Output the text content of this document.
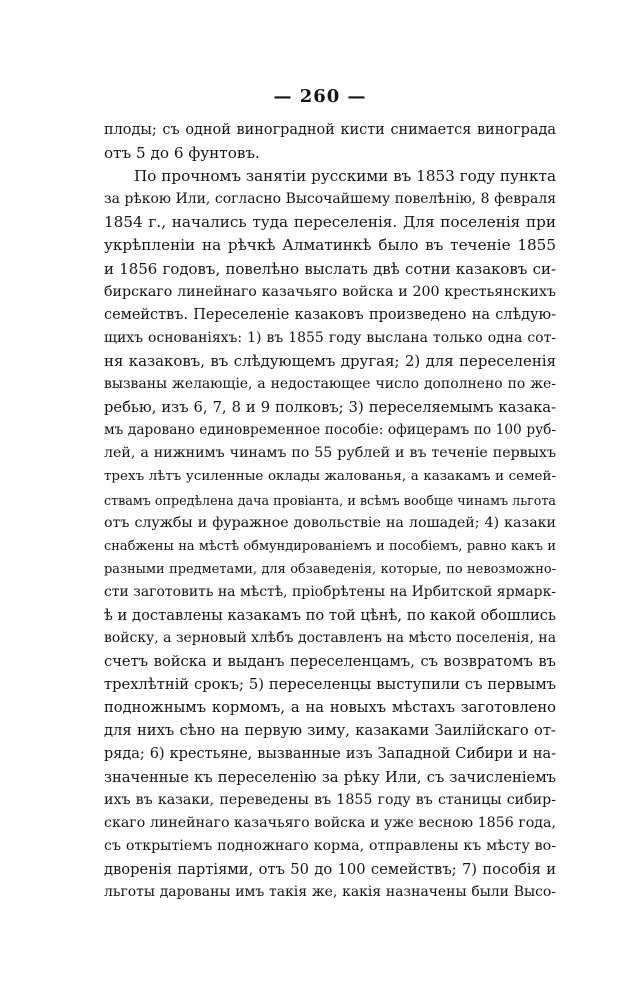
— 260 —
плоды; съ одной виноградной кисти снимается винограда
отъ 5 до 6 фунтовъ.
По прочномъ занятіи русскими въ 1853 году пункта
за рѣкою Или, согласно Высочайшему повелѣнію, 8 февраля
1854 г., начались туда переселенія. Для поселенія при
укрѣпленіи на рѣчкѣ Алматинкѣ было въ теченіе 1855
и 1856 годовъ, повелѣно выслать двѣ сотни казаковъ си-
бирскаго линейнаго казачьяго войска и 200 крестьянскихъ
семействъ. Переселеніе казаковъ произведено на слѣдую-
щихъ основаніяхъ: 1) въ 1855 году выслана только одна сот-
ня казаковъ, въ слѣдующемъ другая; 2) для переселенія
вызваны желающіе, а недостающее число дополнено по же-
ребью, изъ 6, 7, 8 и 9 полковъ; 3) переселяемымъ казака-
мъ даровано единовременное пособіе: офицерамъ по 100 руб-
лей, а нижнимъ чинамъ по 55 рублей и въ теченіе первыхъ
трехъ лѣтъ усиленные оклады жалованья, а казакамъ и семей-
ствамъ опредѣлена дача провіанта, и всѣмъ вообще чинамъ льгота
отъ службы и фуражное довольствіе на лошадей; 4) казаки
снабжены на мѣстѣ обмундированіемъ и пособіемъ, равно какъ и
разными предметами, для обзаведенія, которые, по невозможно-
сти заготовить на мѣстѣ, пріобрѣтены на Ирбитской ярмарк-
ѣ и доставлены казакамъ по той цѣнѣ, по какой обошлись
войску, а зерновый хлѣбъ доставленъ на мѣсто поселенія, на
счетъ войска и выданъ переселенцамъ, съ возвратомъ въ
трехлѣтній срокъ; 5) переселенцы выступили съ первымъ
подножнымъ кормомъ, а на новыхъ мѣстахъ заготовлено
для нихъ сѣно на первую зиму, казаками Заилійскаго от-
ряда; 6) крестьяне, вызванные изъ Западной Сибири и на-
значенные къ переселенію за рѣку Или, съ зачисленіемъ
ихъ въ казаки, переведены въ 1855 году въ станицы сибир-
скаго линейнаго казачьяго войска и уже весною 1856 года,
съ открытіемъ подножнаго корма, отправлены къ мѣсту во-
дворенія партіями, отъ 50 до 100 семействъ; 7) пособія и
льготы дарованы имъ такія же, какія назначены были Высо-
